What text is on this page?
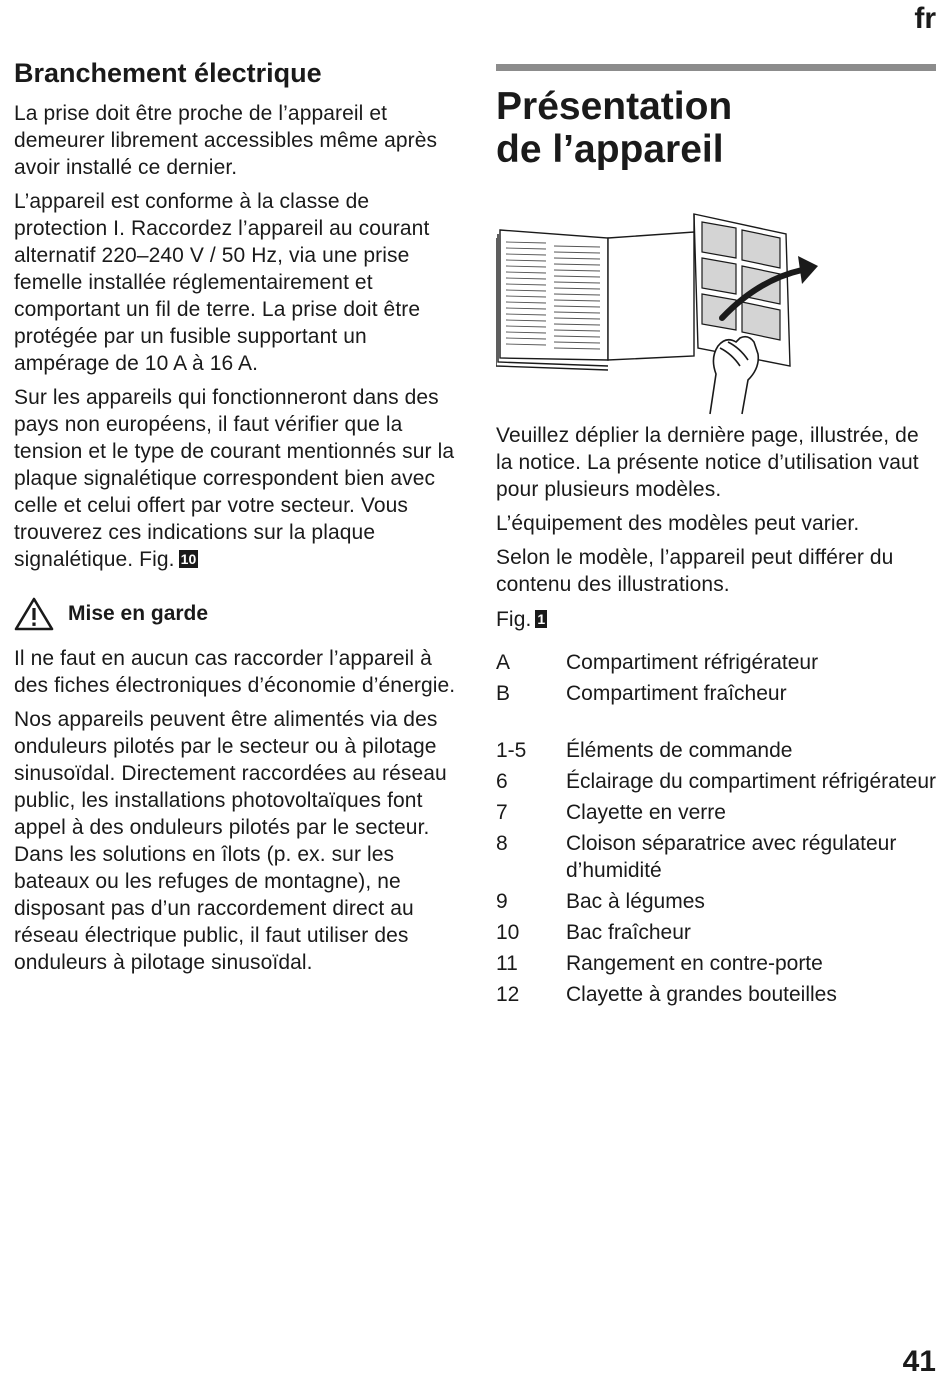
fr
Branchement électrique

La prise doit être proche de l’appareil et demeurer librement accessibles même après avoir installé ce dernier.

L’appareil est conforme à la classe de protection I. Raccordez l’appareil au courant alternatif 220–240 V / 50 Hz, via une prise femelle installée réglementairement et comportant un fil de terre. La prise doit être protégée par un fusible supportant un ampérage de 10 A à 16 A.

Sur les appareils qui fonctionneront dans des pays non européens, il faut vérifier que la tension et le type de courant mentionnés sur la plaque signalétique correspondent bien avec celle et celui offert par votre secteur. Vous trouverez ces indications sur la plaque signalétique. Fig. 10

Mise en garde

Il ne faut en aucun cas raccorder l’appareil à des fiches électroniques d’économie d’énergie.

Nos appareils peuvent être alimentés via des onduleurs pilotés par le secteur ou à pilotage sinusoïdal. Directement raccordées au réseau public, les installations photovoltaïques font appel à des onduleurs pilotés par le secteur. Dans les solutions en îlots (p. ex. sur les bateaux ou les refuges de montagne), ne disposant pas d’un raccordement direct au réseau électrique public, il faut utiliser des onduleurs à pilotage sinusoïdal.

Présentation
de l’appareil

Veuillez déplier la dernière page, illustrée, de la notice. La présente notice d’utilisation vaut pour plusieurs modèles.

L’équipement des modèles peut varier.

Selon le modèle, l’appareil peut différer du contenu des illustrations.

Fig. 1

A	Compartiment réfrigérateur
B	Compartiment fraîcheur
1-5	Éléments de commande
6	Éclairage du compartiment réfrigérateur
7	Clayette en verre
8	Cloison séparatrice avec régulateur d’humidité
9	Bac à légumes
10	Bac fraîcheur
11	Rangement en contre-porte
12	Clayette à grandes bouteilles
41
